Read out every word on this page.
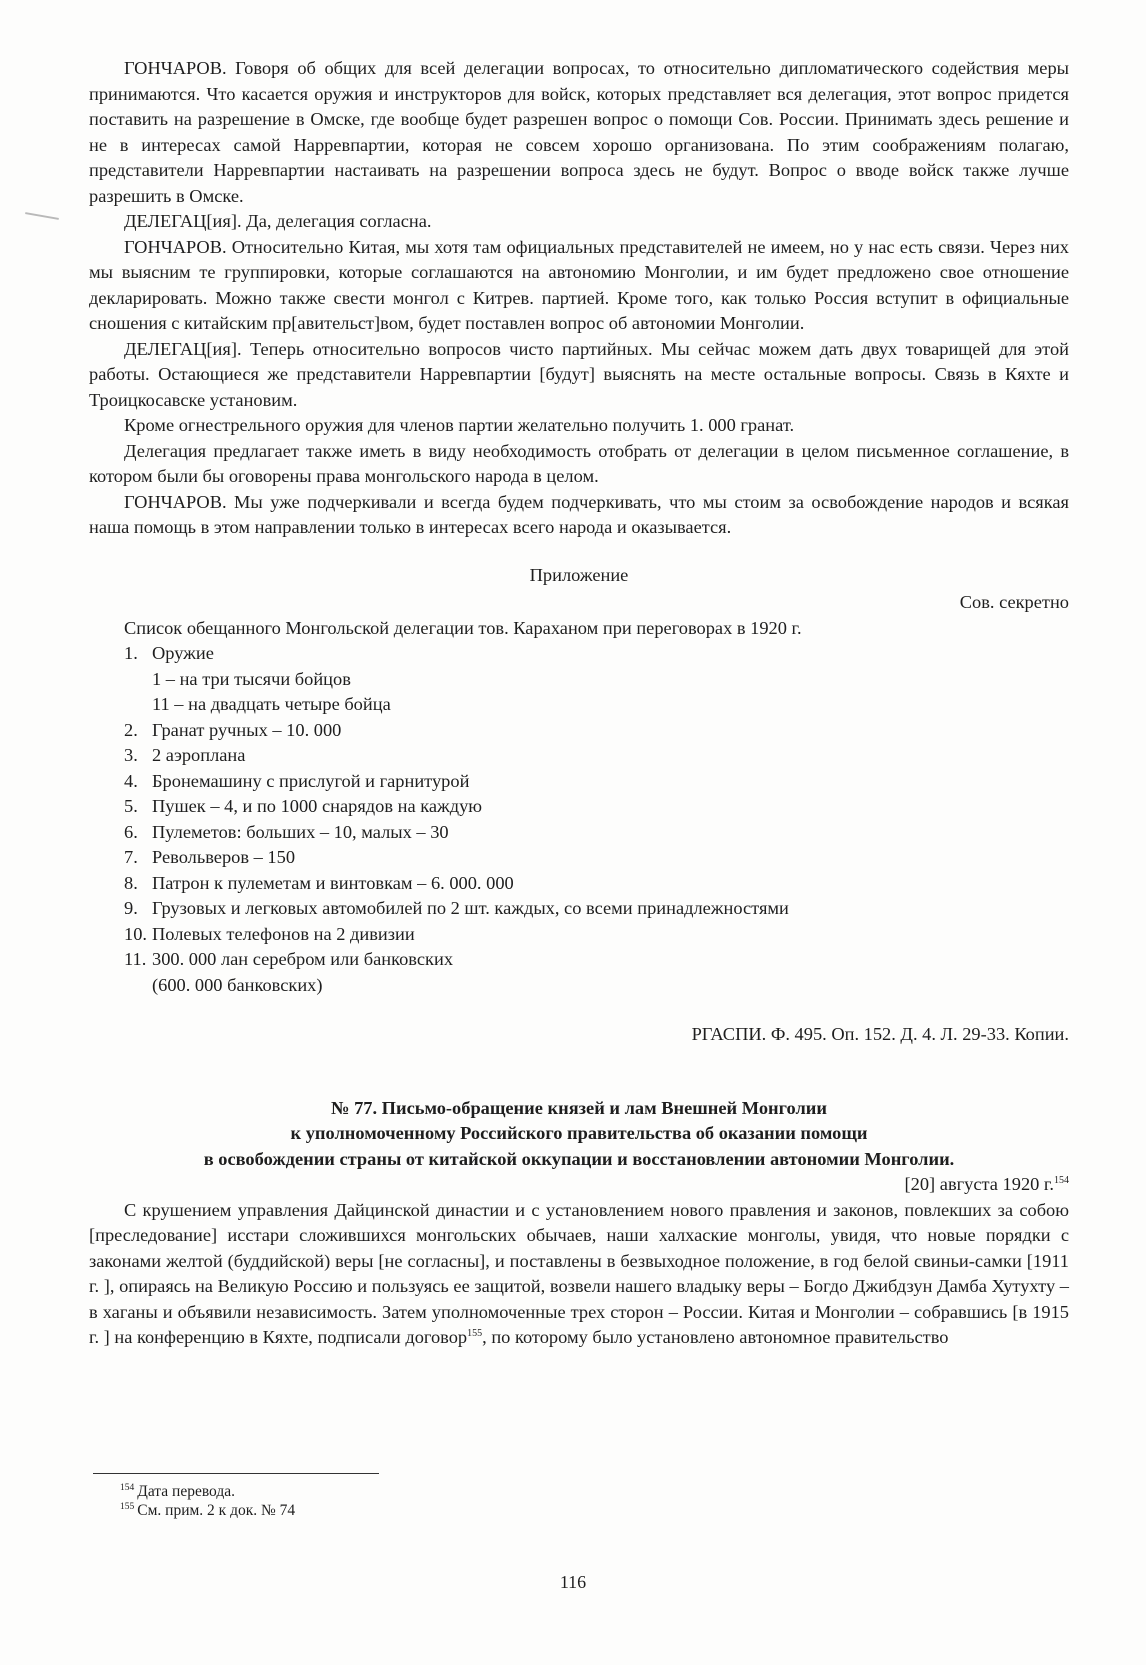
ГОНЧАРОВ. Говоря об общих для всей делегации вопросах, то относительно дипломатического содействия меры принимаются. Что касается оружия и инструкторов для войск, которых представляет вся делегация, этот вопрос придется поставить на разрешение в Омске, где вообще будет разрешен вопрос о помощи Сов. России. Принимать здесь решение и не в интересах самой Нарревпартии, которая не совсем хорошо организована. По этим соображениям полагаю, представители Нарревпартии настаивать на разрешении вопроса здесь не будут. Вопрос о вводе войск также лучше разрешить в Омске.

ДЕЛЕГАЦ[ия]. Да, делегация согласна.

ГОНЧАРОВ. Относительно Китая, мы хотя там официальных представителей не имеем, но у нас есть связи. Через них мы выясним те группировки, которые соглашаются на автономию Монголии, и им будет предложено свое отношение декларировать. Можно также свести монгол с Китрев. партией. Кроме того, как только Россия вступит в официальные сношения с китайским пр[авительст]вом, будет поставлен вопрос об автономии Монголии.

ДЕЛЕГАЦ[ия]. Теперь относительно вопросов чисто партийных. Мы сейчас можем дать двух товарищей для этой работы. Остающиеся же представители Нарревпартии [будут] выяснять на месте остальные вопросы. Связь в Кяхте и Троицкосавске установим.

Кроме огнестрельного оружия для членов партии желательно получить 1. 000 гранат.

Делегация предлагает также иметь в виду необходимость отобрать от делегации в целом письменное соглашение, в котором были бы оговорены права монгольского народа в целом.

ГОНЧАРОВ. Мы уже подчеркивали и всегда будем подчеркивать, что мы стоим за освобождение народов и всякая наша помощь в этом направлении только в интересах всего народа и оказывается.

Приложение

Сов. секретно

Список обещанного Монгольской делегации тов. Караханом при переговорах в 1920 г.

1. Оружие
1 – на три тысячи бойцов
11 – на двадцать четыре бойца
2. Гранат ручных – 10. 000
3. 2 аэроплана
4. Бронемашину с прислугой и гарнитурой
5. Пушек – 4, и по 1000 снарядов на каждую
6. Пулеметов: больших – 10, малых – 30
7. Револьверов – 150
8. Патрон к пулеметам и винтовкам – 6. 000. 000
9. Грузовых и легковых автомобилей по 2 шт. каждых, со всеми принадлежностями
10. Полевых телефонов на 2 дивизии
11. 300. 000 лан серебром или банковских
(600. 000 банковских)

РГАСПИ. Ф. 495. Оп. 152. Д. 4. Л. 29-33. Копии.

№ 77. Письмо-обращение князей и лам Внешней Монголии
к уполномоченному Российского правительства об оказании помощи
в освобождении страны от китайской оккупации и восстановлении автономии Монголии.

[20] августа 1920 г.$^{154}$

С крушением управления Дайцинской династии и с установлением нового правления и законов, повлекших за собою [преследование] исстари сложившихся монгольских обычаев, наши халхаские монголы, увидя, что новые порядки с законами желтой (буддийской) веры [не согласны], и поставлены в безвыходное положение, в год белой свиньи-самки [1911 г. ], опираясь на Великую Россию и пользуясь ее защитой, возвели нашего владыку веры – Богдо Джибдзун Дамба Хутухту – в хаганы и объявили независимость. Затем уполномоченные трех сторон – России. Китая и Монголии – собравшись [в 1915 г. ] на конференцию в Кяхте, подписали договор$^{155}$, по которому было установлено автономное правительство

$^{154}$ Дата перевода.
$^{155}$ См. прим. 2 к док. № 74
116
